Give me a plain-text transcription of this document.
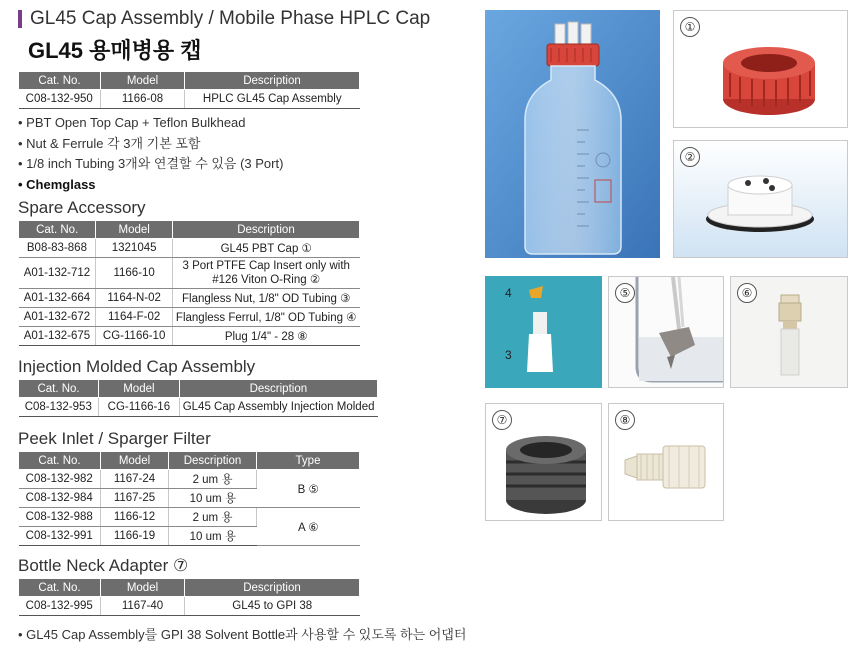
GL45 Cap Assembly / Mobile Phase HPLC Cap
GL45 용매병용 캡
Cat. No.	Model	Description
C08-132-950	1166-08	HPLC GL45 Cap Assembly
• PBT Open Top Cap + Teflon Bulkhead
• Nut & Ferrule 각 3개 기본 포함
• 1/8 inch Tubing 3개와 연결할 수 있음 (3 Port)
• Chemglass
Spare Accessory
Cat. No.	Model	Description
B08-83-868	1321045	GL45 PBT Cap ①
A01-132-712	1166-10	3 Port PTFE Cap Insert only with #126 Viton O-Ring ②
A01-132-664	1164-N-02	Flangless Nut, 1/8" OD Tubing ③
A01-132-672	1164-F-02	Flangless Ferrul, 1/8" OD Tubing ④
A01-132-675	CG-1166-10	Plug 1/4" - 28 ⑧
Injection Molded Cap Assembly
Cat. No.	Model	Description
C08-132-953	CG-1166-16	GL45 Cap Assembly Injection Molded
Peek Inlet / Sparger Filter
Cat. No.	Model	Description	Type
C08-132-982	1167-24	2 um 용	B ⑤
C08-132-984	1167-25	10 um 용	
C08-132-988	1166-12	2 um 용	A ⑥
C08-132-991	1166-19	10 um 용	
Bottle Neck Adapter ⑦
Cat. No.	Model	Description
C08-132-995	1167-40	GL45 to GPI 38
• GL45 Cap Assembly를 GPI 38 Solvent Bottle과 사용할 수 있도록 하는 어댑터
①
②
4
3
⑤	⑥
⑦	⑧
